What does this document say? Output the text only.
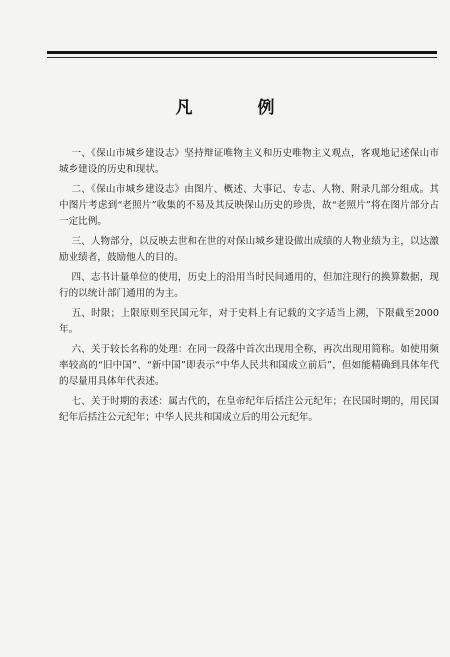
凡　例

一、《保山市城乡建设志》坚持辩证唯物主义和历史唯物主义观点，客观地记述保山市城乡建设的历史和现状。

二、《保山市城乡建设志》由图片、概述、大事记、专志、人物、附录几部分组成。其中图片考虑到“老照片”收集的不易及其反映保山历史的珍贵，故“老照片”将在图片部分占一定比例。

三、人物部分，以反映去世和在世的对保山城乡建设做出成绩的人物业绩为主，以达激励业绩者，鼓励他人的目的。

四、志书计量单位的使用，历史上的沿用当时民间通用的，但加注现行的换算数据，现行的以统计部门通用的为主。

五、时限；上限原则至民国元年，对于史料上有记载的文字适当上溯，下限截至2000年。

六、关于较长名称的处理：在同一段落中首次出现用全称，再次出现用简称。如使用频率较高的“旧中国”、“新中国”即表示“中华人民共和国成立前后”，但如能精确到具体年代的尽量用具体年代表述。

七、关于时期的表述：属古代的，在皇帝纪年后括注公元纪年；在民国时期的，用民国纪年后括注公元纪年；中华人民共和国成立后的用公元纪年。
